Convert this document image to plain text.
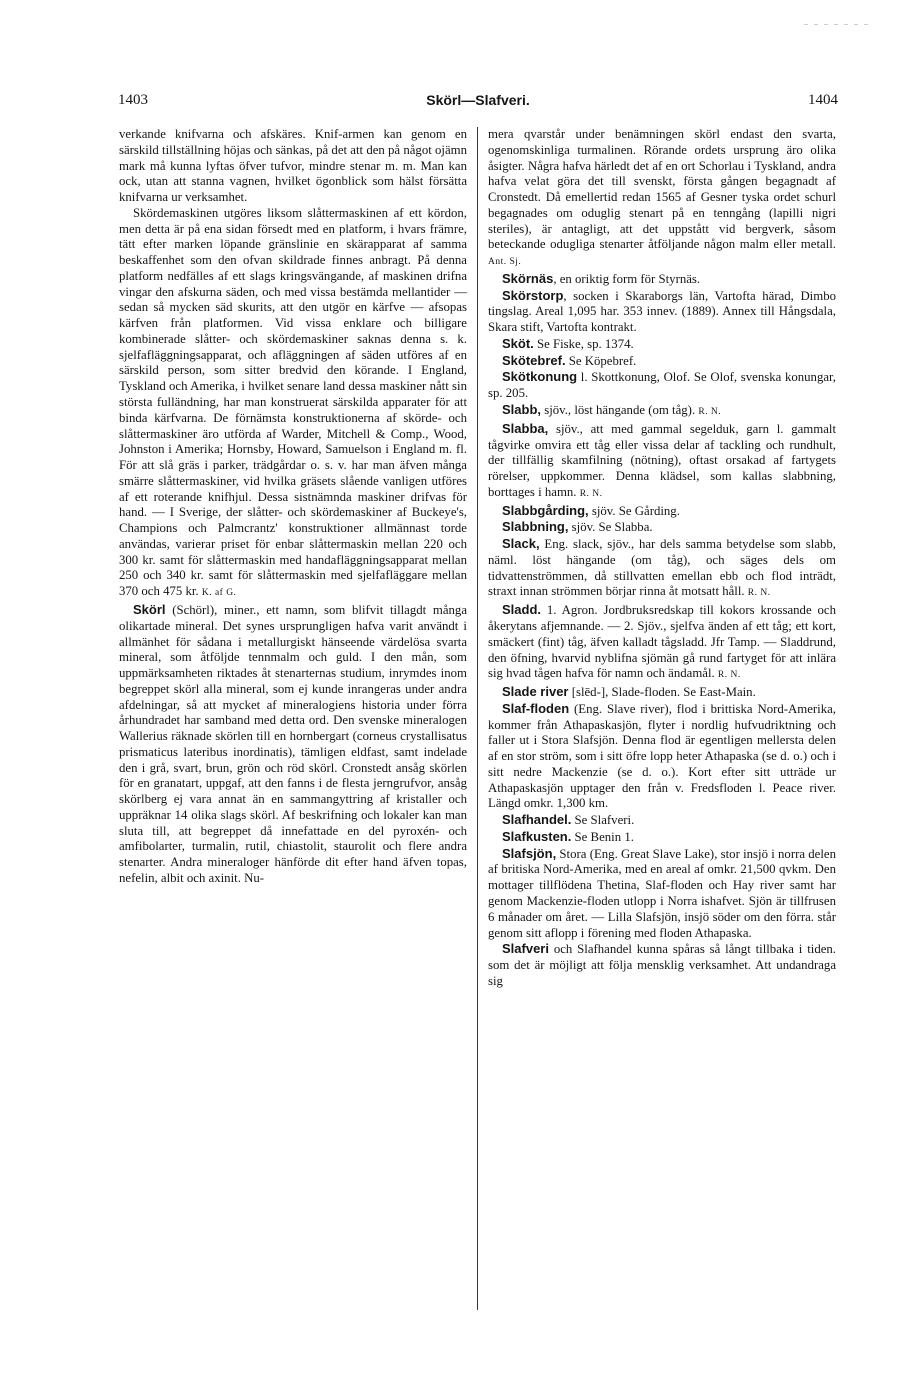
1403	Skörl—Slafveri.	1404

verkande knifvarna och afskäres. Knif-armen kan genom en särskild tillställning höjas och sänkas, på det att den på något ojämn mark må kunna lyftas öfver tufvor, mindre stenar m. m. Man kan ock, utan att stanna vagnen, hvilket ögonblick som hälst försätta knifvarna ur verksamhet.

Skördemaskinen utgöres liksom slåttermaskinen af ett kördon, men detta är på ena sidan försedt med en platform, i hvars främre, tätt efter marken löpande gränslinie en skärapparat af samma beskaffenhet som den ofvan skildrade finnes anbragt. På denna platform nedfälles af ett slags kringsvängande, af maskinen drifna vingar den afskurna säden, och med vissa bestämda mellantider — sedan så mycken säd skurits, att den utgör en kärfve — afsopas kärfven från platformen. Vid vissa enklare och billigare kombinerade slåtter- och skördemaskiner saknas denna s. k. sjelfafläggningsapparat, och afläggningen af säden utföres af en särskild person, som sitter bredvid den körande. I England, Tyskland och Amerika, i hvilket senare land dessa maskiner nått sin största fulländning, har man konstruerat särskilda apparater för att binda kärfvarna. De förnämsta konstruktionerna af skörde- och slåttermaskiner äro utförda af Warder, Mitchell & Comp., Wood, Johnston i Amerika; Hornsby, Howard, Samuelson i England m. fl. För att slå gräs i parker, trädgårdar o. s. v. har man äfven många smärre slåttermaskiner, vid hvilka gräsets slående vanligen utföres af ett roterande knifhjul. Dessa sistnämnda maskiner drifvas för hand. — I Sverige, der slåtter- och skördemaskiner af Buckeye's, Champions och Palmcrantz' konstruktioner allmännast torde användas, varierar priset för enbar slåttermaskin mellan 220 och 300 kr. samt för slåttermaskin med handafläggningsapparat mellan 250 och 340 kr. samt för slåttermaskin med sjelfafläggare mellan 370 och 475 kr. K. af G.

Skörl (Schörl), miner., ett namn, som blifvit tillagdt många olikartade mineral. Det synes ursprungligen hafva varit användt i allmänhet för sådana i metallurgiskt hänseende värdelösa svarta mineral, som åtföljde tennmalm och guld. I den mån, som uppmärksamheten riktades åt stenarternas studium, inrymdes inom begreppet skörl alla mineral, som ej kunde inrangeras under andra afdelningar, så att mycket af mineralogiens historia under förra århundradet har samband med detta ord. Den svenske mineralogen Wallerius räknade skörlen till en hornbergart (corneus crystallisatus prismaticus lateribus inordinatis), tämligen eldfast, samt indelade den i grå, svart, brun, grön och röd skörl. Cronstedt ansåg skörlen för en granatart, uppgaf, att den fanns i de flesta jerngrufvor, ansåg skörlberg ej vara annat än en sammangyttring af kristaller och uppräknar 14 olika slags skörl. Af beskrifning och lokaler kan man sluta till, att begreppet då innefattade en del pyroxén- och amfibolarter, turmalin, rutil, chiastolit, staurolit och flere andra stenarter. Andra mineraloger hänförde dit efter hand äfven topas, nefelin, albit och axinit. Nu-

mera qvarstår under benämningen skörl endast den svarta, ogenomskinliga turmalinen. Rörande ordets ursprung äro olika åsigter. Några hafva härledt det af en ort Schorlau i Tyskland, andra hafva velat göra det till svenskt, första gången begagnadt af Cronstedt. Då emellertid redan 1565 af Gesner tyska ordet schurl begagnades om oduglig stenart på en tenngång (lapilli nigri steriles), är antagligt, att det uppstått vid bergverk, såsom beteckande odugliga stenarter åtföljande någon malm eller metall. Ant. Sj.

Skörnäs, en oriktig form för Styrnäs.

Skörstorp, socken i Skaraborgs län, Vartofta härad, Dimbo tingslag. Areal 1,095 har. 353 innev. (1889). Annex till Hångsdala, Skara stift, Vartofta kontrakt.

Sköt. Se Fiske, sp. 1374.

Skötebref. Se Köpebref.

Skötkonung l. Skottkonung, Olof. Se Olof, svenska konungar, sp. 205.

Slabb, sjöv., löst hängande (om tåg). R. N.

Slabba, sjöv., att med gammal segelduk, garn l. gammalt tågvirke omvira ett tåg eller vissa delar af tackling och rundhult, der tillfällig skamfilning (nötning), oftast orsakad af fartygets rörelser, uppkommer. Denna klädsel, som kallas slabbning, borttages i hamn. R. N.

Slabbgårding, sjöv. Se Gårding.

Slabbning, sjöv. Se Slabba.

Slack, Eng. slack, sjöv., har dels samma betydelse som slabb, näml. löst hängande (om tåg), och säges dels om tidvattenströmmen, då stillvatten emellan ebb och flod inträdt, straxt innan strömmen börjar rinna åt motsatt håll. R. N.

Sladd. 1. Agron. Jordbruksredskap till kokors krossande och åkerytans afjemnande. — 2. Sjöv., sjelfva änden af ett tåg; ett kort, smäckert (fint) tåg, äfven kalladt tågsladd. Jfr Tamp. — Sladdrund, den öfning, hvarvid nyblifna sjömän gå rund fartyget för att inlära sig hvad tågen hafva för namn och ändamål. R. N.

Slade river [slēd-], Slade-floden. Se East-Main.

Slaf-floden (Eng. Slave river), flod i brittiska Nord-Amerika, kommer från Athapaskasjön, flyter i nordlig hufvudriktning och faller ut i Stora Slafsjön. Denna flod är egentligen mellersta delen af en stor ström, som i sitt öfre lopp heter Athapaska (se d. o.) och i sitt nedre Mackenzie (se d. o.). Kort efter sitt utträde ur Athapaskasjön upptager den från v. Fredsfloden l. Peace river. Längd omkr. 1,300 km.

Slafhandel. Se Slafveri.

Slafkusten. Se Benin 1.

Slafsjön, Stora (Eng. Great Slave Lake), stor insjö i norra delen af britiska Nord-Amerika, med en areal af omkr. 21,500 qvkm. Den mottager tillflödena Thetina, Slaf-floden och Hay river samt har genom Mackenzie-floden utlopp i Norra ishafvet. Sjön är tillfrusen 6 månader om året. — Lilla Slafsjön, insjö söder om den förra. står genom sitt aflopp i förening med floden Athapaska.

Slafveri och Slafhandel kunna spåras så långt tillbaka i tiden. som det är möjligt att följa mensklig verksamhet. Att undandraga sig
